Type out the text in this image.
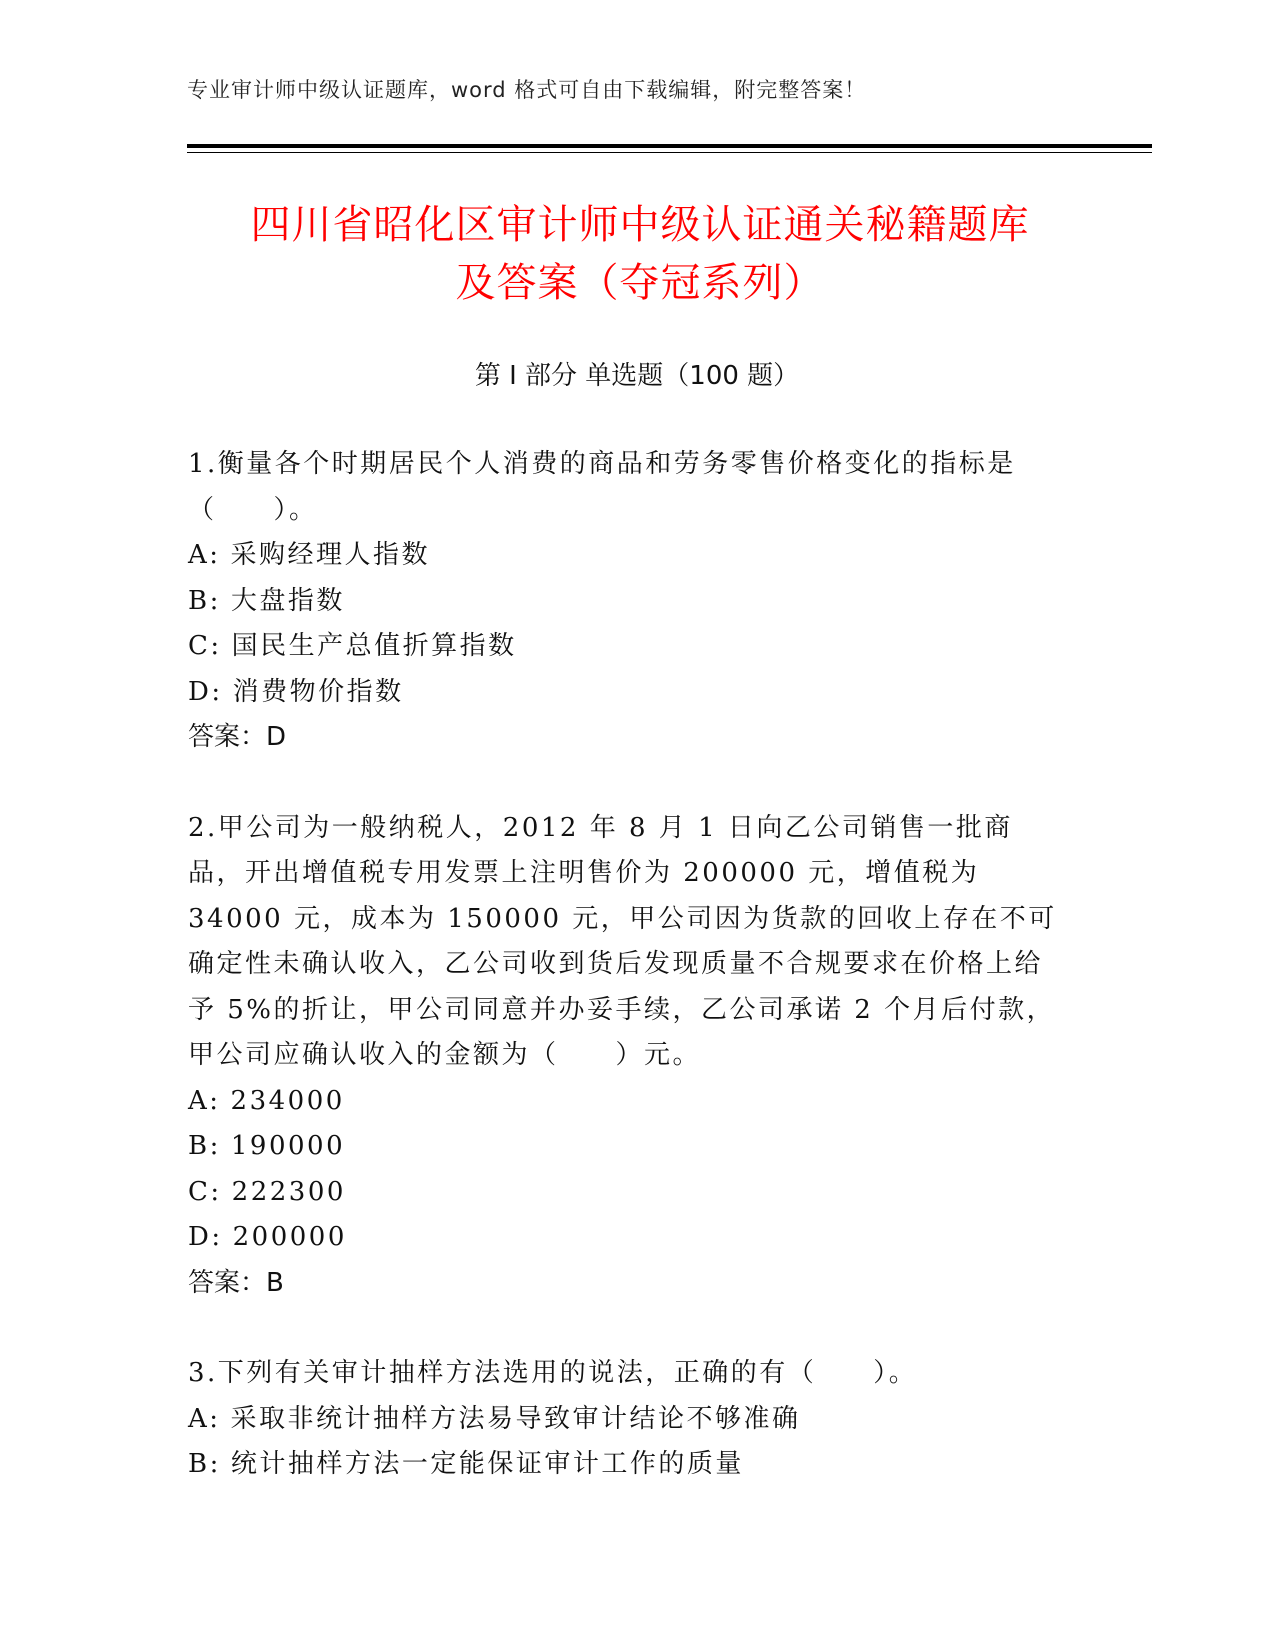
专业审计师中级认证题库，word 格式可自由下载编辑，附完整答案！
四川省昭化区审计师中级认证通关秘籍题库
及答案（夺冠系列）
第 I 部分 单选题（100 题）

1.衡量各个时期居民个人消费的商品和劳务零售价格变化的指标是（　　）。

A: 采购经理人指数
B: 大盘指数
C: 国民生产总值折算指数
D: 消费物价指数
答案：D

2.甲公司为一般纳税人，2012 年 8 月 1 日向乙公司销售一批商品，开出增值税专用发票上注明售价为 200000 元，增值税为 34000 元，成本为 150000 元，甲公司因为货款的回收上存在不可确定性未确认收入，乙公司收到货后发现质量不合规要求在价格上给予 5%的折让，甲公司同意并办妥手续，乙公司承诺 2 个月后付款，甲公司应确认收入的金额为（　　）元。

A: 234000
B: 190000
C: 222300
D: 200000
答案：B

3.下列有关审计抽样方法选用的说法，正确的有（　　）。

A: 采取非统计抽样方法易导致审计结论不够准确
B: 统计抽样方法一定能保证审计工作的质量
